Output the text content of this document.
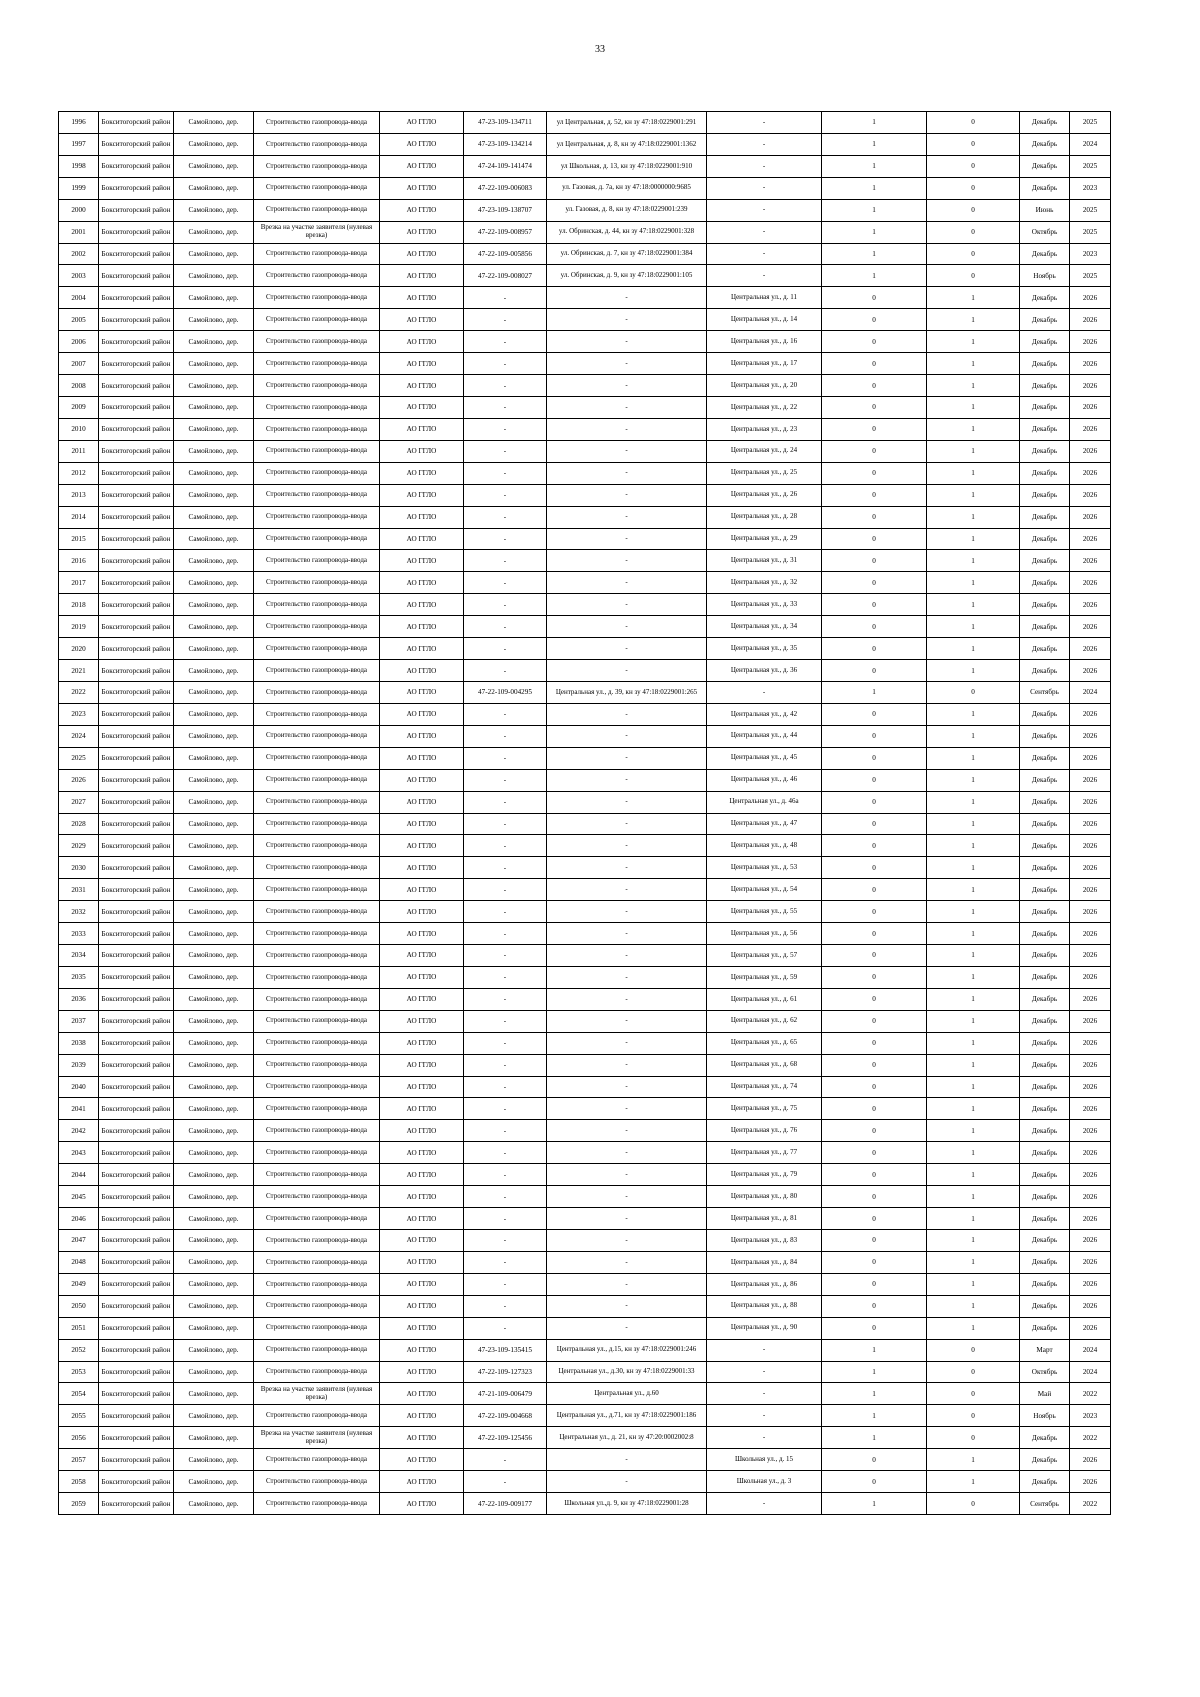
33
1996	Бокситогорский район	Самойлово, дер.	Строительство газопровода-ввода	АО ГГЛО	47-23-109-134711	ул Центральная, д. 52, кн зу 47:18:0229001:291	-	1	0	Декабрь	2025
1997	Бокситогорский район	Самойлово, дер.	Строительство газопровода-ввода	АО ГГЛО	47-23-109-134214	ул Центральная, д. 8, кн зу 47:18:0229001:1362	-	1	0	Декабрь	2024
1998	Бокситогорский район	Самойлово, дер.	Строительство газопровода-ввода	АО ГГЛО	47-24-109-141474	ул Школьная, д. 13, кн зу 47:18:0229001:910	-	1	0	Декабрь	2025
1999	Бокситогорский район	Самойлово, дер.	Строительство газопровода-ввода	АО ГГЛО	47-22-109-006083	ул. Газовая, д. 7а, кн зу 47:18:0000000:9685	-	1	0	Декабрь	2023
2000	Бокситогорский район	Самойлово, дер.	Строительство газопровода-ввода	АО ГГЛО	47-23-109-138707	ул. Газовая, д. 8, кн зу 47:18:0229001:239	-	1	0	Июнь	2025
2001	Бокситогорский район	Самойлово, дер.	Врезка на участке заявителя (нулевая врезка)	АО ГГЛО	47-22-109-008957	ул. Обринская, д. 44, кн зу 47:18:0229001:328	-	1	0	Октябрь	2025
2002	Бокситогорский район	Самойлово, дер.	Строительство газопровода-ввода	АО ГГЛО	47-22-109-005856	ул. Обринская, д. 7, кн зу 47:18:0229001:384	-	1	0	Декабрь	2023
2003	Бокситогорский район	Самойлово, дер.	Строительство газопровода-ввода	АО ГГЛО	47-22-109-008027	ул. Обринская, д. 9, кн зу 47:18:0229001:105	-	1	0	Ноябрь	2025
2004	Бокситогорский район	Самойлово, дер.	Строительство газопровода-ввода	АО ГГЛО	-	-	Центральная ул., д. 11	0	1	Декабрь	2026
2005	Бокситогорский район	Самойлово, дер.	Строительство газопровода-ввода	АО ГГЛО	-	-	Центральная ул., д. 14	0	1	Декабрь	2026
2006	Бокситогорский район	Самойлово, дер.	Строительство газопровода-ввода	АО ГГЛО	-	-	Центральная ул., д. 16	0	1	Декабрь	2026
2007	Бокситогорский район	Самойлово, дер.	Строительство газопровода-ввода	АО ГГЛО	-	-	Центральная ул., д. 17	0	1	Декабрь	2026
2008	Бокситогорский район	Самойлово, дер.	Строительство газопровода-ввода	АО ГГЛО	-	-	Центральная ул., д. 20	0	1	Декабрь	2026
2009	Бокситогорский район	Самойлово, дер.	Строительство газопровода-ввода	АО ГГЛО	-	-	Центральная ул., д. 22	0	1	Декабрь	2026
2010	Бокситогорский район	Самойлово, дер.	Строительство газопровода-ввода	АО ГГЛО	-	-	Центральная ул., д. 23	0	1	Декабрь	2026
2011	Бокситогорский район	Самойлово, дер.	Строительство газопровода-ввода	АО ГГЛО	-	-	Центральная ул., д. 24	0	1	Декабрь	2026
2012	Бокситогорский район	Самойлово, дер.	Строительство газопровода-ввода	АО ГГЛО	-	-	Центральная ул., д. 25	0	1	Декабрь	2026
2013	Бокситогорский район	Самойлово, дер.	Строительство газопровода-ввода	АО ГГЛО	-	-	Центральная ул., д. 26	0	1	Декабрь	2026
2014	Бокситогорский район	Самойлово, дер.	Строительство газопровода-ввода	АО ГГЛО	-	-	Центральная ул., д. 28	0	1	Декабрь	2026
2015	Бокситогорский район	Самойлово, дер.	Строительство газопровода-ввода	АО ГГЛО	-	-	Центральная ул., д. 29	0	1	Декабрь	2026
2016	Бокситогорский район	Самойлово, дер.	Строительство газопровода-ввода	АО ГГЛО	-	-	Центральная ул., д. 31	0	1	Декабрь	2026
2017	Бокситогорский район	Самойлово, дер.	Строительство газопровода-ввода	АО ГГЛО	-	-	Центральная ул., д. 32	0	1	Декабрь	2026
2018	Бокситогорский район	Самойлово, дер.	Строительство газопровода-ввода	АО ГГЛО	-	-	Центральная ул., д. 33	0	1	Декабрь	2026
2019	Бокситогорский район	Самойлово, дер.	Строительство газопровода-ввода	АО ГГЛО	-	-	Центральная ул., д. 34	0	1	Декабрь	2026
2020	Бокситогорский район	Самойлово, дер.	Строительство газопровода-ввода	АО ГГЛО	-	-	Центральная ул., д. 35	0	1	Декабрь	2026
2021	Бокситогорский район	Самойлово, дер.	Строительство газопровода-ввода	АО ГГЛО	-	-	Центральная ул., д. 36	0	1	Декабрь	2026
2022	Бокситогорский район	Самойлово, дер.	Строительство газопровода-ввода	АО ГГЛО	47-22-109-004295	Центральная ул., д. 39, кн зу 47:18:0229001:265	-	1	0	Сентябрь	2024
2023	Бокситогорский район	Самойлово, дер.	Строительство газопровода-ввода	АО ГГЛО	-	-	Центральная ул., д. 42	0	1	Декабрь	2026
2024	Бокситогорский район	Самойлово, дер.	Строительство газопровода-ввода	АО ГГЛО	-	-	Центральная ул., д. 44	0	1	Декабрь	2026
2025	Бокситогорский район	Самойлово, дер.	Строительство газопровода-ввода	АО ГГЛО	-	-	Центральная ул., д. 45	0	1	Декабрь	2026
2026	Бокситогорский район	Самойлово, дер.	Строительство газопровода-ввода	АО ГГЛО	-	-	Центральная ул., д. 46	0	1	Декабрь	2026
2027	Бокситогорский район	Самойлово, дер.	Строительство газопровода-ввода	АО ГГЛО	-	-	Центральная ул., д. 46а	0	1	Декабрь	2026
2028	Бокситогорский район	Самойлово, дер.	Строительство газопровода-ввода	АО ГГЛО	-	-	Центральная ул., д. 47	0	1	Декабрь	2026
2029	Бокситогорский район	Самойлово, дер.	Строительство газопровода-ввода	АО ГГЛО	-	-	Центральная ул., д. 48	0	1	Декабрь	2026
2030	Бокситогорский район	Самойлово, дер.	Строительство газопровода-ввода	АО ГГЛО	-	-	Центральная ул., д. 53	0	1	Декабрь	2026
2031	Бокситогорский район	Самойлово, дер.	Строительство газопровода-ввода	АО ГГЛО	-	-	Центральная ул., д. 54	0	1	Декабрь	2026
2032	Бокситогорский район	Самойлово, дер.	Строительство газопровода-ввода	АО ГГЛО	-	-	Центральная ул., д. 55	0	1	Декабрь	2026
2033	Бокситогорский район	Самойлово, дер.	Строительство газопровода-ввода	АО ГГЛО	-	-	Центральная ул., д. 56	0	1	Декабрь	2026
2034	Бокситогорский район	Самойлово, дер.	Строительство газопровода-ввода	АО ГГЛО	-	-	Центральная ул., д. 57	0	1	Декабрь	2026
2035	Бокситогорский район	Самойлово, дер.	Строительство газопровода-ввода	АО ГГЛО	-	-	Центральная ул., д. 59	0	1	Декабрь	2026
2036	Бокситогорский район	Самойлово, дер.	Строительство газопровода-ввода	АО ГГЛО	-	-	Центральная ул., д. 61	0	1	Декабрь	2026
2037	Бокситогорский район	Самойлово, дер.	Строительство газопровода-ввода	АО ГГЛО	-	-	Центральная ул., д. 62	0	1	Декабрь	2026
2038	Бокситогорский район	Самойлово, дер.	Строительство газопровода-ввода	АО ГГЛО	-	-	Центральная ул., д. 65	0	1	Декабрь	2026
2039	Бокситогорский район	Самойлово, дер.	Строительство газопровода-ввода	АО ГГЛО	-	-	Центральная ул., д. 68	0	1	Декабрь	2026
2040	Бокситогорский район	Самойлово, дер.	Строительство газопровода-ввода	АО ГГЛО	-	-	Центральная ул., д. 74	0	1	Декабрь	2026
2041	Бокситогорский район	Самойлово, дер.	Строительство газопровода-ввода	АО ГГЛО	-	-	Центральная ул., д. 75	0	1	Декабрь	2026
2042	Бокситогорский район	Самойлово, дер.	Строительство газопровода-ввода	АО ГГЛО	-	-	Центральная ул., д. 76	0	1	Декабрь	2026
2043	Бокситогорский район	Самойлово, дер.	Строительство газопровода-ввода	АО ГГЛО	-	-	Центральная ул., д. 77	0	1	Декабрь	2026
2044	Бокситогорский район	Самойлово, дер.	Строительство газопровода-ввода	АО ГГЛО	-	-	Центральная ул., д. 79	0	1	Декабрь	2026
2045	Бокситогорский район	Самойлово, дер.	Строительство газопровода-ввода	АО ГГЛО	-	-	Центральная ул., д. 80	0	1	Декабрь	2026
2046	Бокситогорский район	Самойлово, дер.	Строительство газопровода-ввода	АО ГГЛО	-	-	Центральная ул., д. 81	0	1	Декабрь	2026
2047	Бокситогорский район	Самойлово, дер.	Строительство газопровода-ввода	АО ГГЛО	-	-	Центральная ул., д. 83	0	1	Декабрь	2026
2048	Бокситогорский район	Самойлово, дер.	Строительство газопровода-ввода	АО ГГЛО	-	-	Центральная ул., д. 84	0	1	Декабрь	2026
2049	Бокситогорский район	Самойлово, дер.	Строительство газопровода-ввода	АО ГГЛО	-	-	Центральная ул., д. 86	0	1	Декабрь	2026
2050	Бокситогорский район	Самойлово, дер.	Строительство газопровода-ввода	АО ГГЛО	-	-	Центральная ул., д. 88	0	1	Декабрь	2026
2051	Бокситогорский район	Самойлово, дер.	Строительство газопровода-ввода	АО ГГЛО	-	-	Центральная ул., д. 90	0	1	Декабрь	2026
2052	Бокситогорский район	Самойлово, дер.	Строительство газопровода-ввода	АО ГГЛО	47-23-109-135415	Центральная ул., д.15, кн зу 47:18:0229001:246	-	1	0	Март	2024
2053	Бокситогорский район	Самойлово, дер.	Строительство газопровода-ввода	АО ГГЛО	47-22-109-127323	Центральная ул., д.30, кн зу 47:18:0229001:33	-	1	0	Октябрь	2024
2054	Бокситогорский район	Самойлово, дер.	Врезка на участке заявителя (нулевая врезка)	АО ГГЛО	47-21-109-006479	Центральная ул., д.60	-	1	0	Май	2022
2055	Бокситогорский район	Самойлово, дер.	Строительство газопровода-ввода	АО ГГЛО	47-22-109-004668	Центральная ул., д.71, кн зу 47:18:0229001:186	-	1	0	Ноябрь	2023
2056	Бокситогорский район	Самойлово, дер.	Врезка на участке заявителя (нулевая врезка)	АО ГГЛО	47-22-109-125456	Центральная ул., д. 21, кн зу 47:20:0002002:8	-	1	0	Декабрь	2022
2057	Бокситогорский район	Самойлово, дер.	Строительство газопровода-ввода	АО ГГЛО	-	-	Школьная ул., д. 15	0	1	Декабрь	2026
2058	Бокситогорский район	Самойлово, дер.	Строительство газопровода-ввода	АО ГГЛО	-	-	Школьная ул., д. 3	0	1	Декабрь	2026
2059	Бокситогорский район	Самойлово, дер.	Строительство газопровода-ввода	АО ГГЛО	47-22-109-009177	Школьная ул.,д. 9, кн зу 47:18:0229001:28	-	1	0	Сентябрь	2022
